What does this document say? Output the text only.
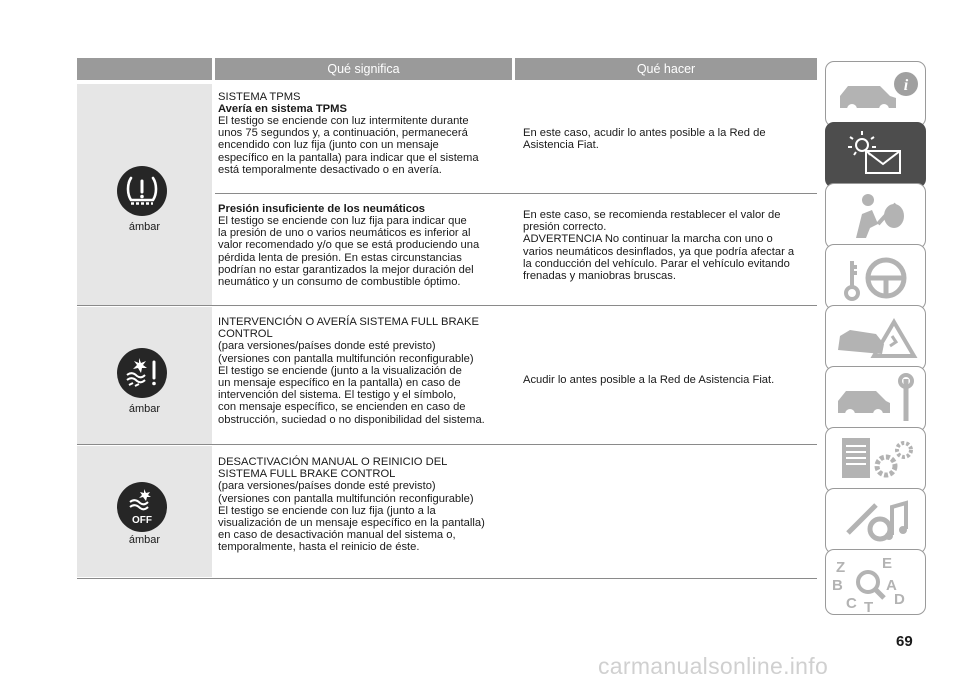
Qué significa	Qué hacer
ámbar
SISTEMA TPMS
Avería en sistema TPMS
El testigo se enciende con luz intermitente durante
unos 75 segundos y, a continuación, permanecerá
encendido con luz fija (junto con un mensaje
específico en la pantalla) para indicar que el sistema
está temporalmente desactivado o en avería.
En este caso, acudir lo antes posible a la Red de
Asistencia Fiat.
Presión insuficiente de los neumáticos
El testigo se enciende con luz fija para indicar que
la presión de uno o varios neumáticos es inferior al
valor recomendado y/o que se está produciendo una
pérdida lenta de presión. En estas circunstancias
podrían no estar garantizados la mejor duración del
neumático y un consumo de combustible óptimo.
En este caso, se recomienda restablecer el valor de
presión correcto.
ADVERTENCIA No continuar la marcha con uno o
varios neumáticos desinflados, ya que podría afectar a
la conducción del vehículo. Parar el vehículo evitando
frenadas y maniobras bruscas.
ámbar
INTERVENCIÓN O AVERÍA SISTEMA FULL BRAKE
CONTROL
(para versiones/países donde esté previsto)
(versiones con pantalla multifunción reconfigurable)
El testigo se enciende (junto a la visualización de
un mensaje específico en la pantalla) en caso de
intervención del sistema. El testigo y el símbolo,
con mensaje específico, se encienden en caso de
obstrucción, suciedad o no disponibilidad del sistema.
Acudir lo antes posible a la Red de Asistencia Fiat.
OFF
ámbar
DESACTIVACIÓN MANUAL O REINICIO DEL
SISTEMA FULL BRAKE CONTROL
(para versiones/países donde esté previsto)
(versiones con pantalla multifunción reconfigurable)
El testigo se enciende con luz fija (junto a la
visualización de un mensaje específico en la pantalla)
en caso de desactivación manual del sistema o,
temporalmente, hasta el reinicio de éste.
i
Z E
B	A
C D
T
69
carmanualsonline.info
